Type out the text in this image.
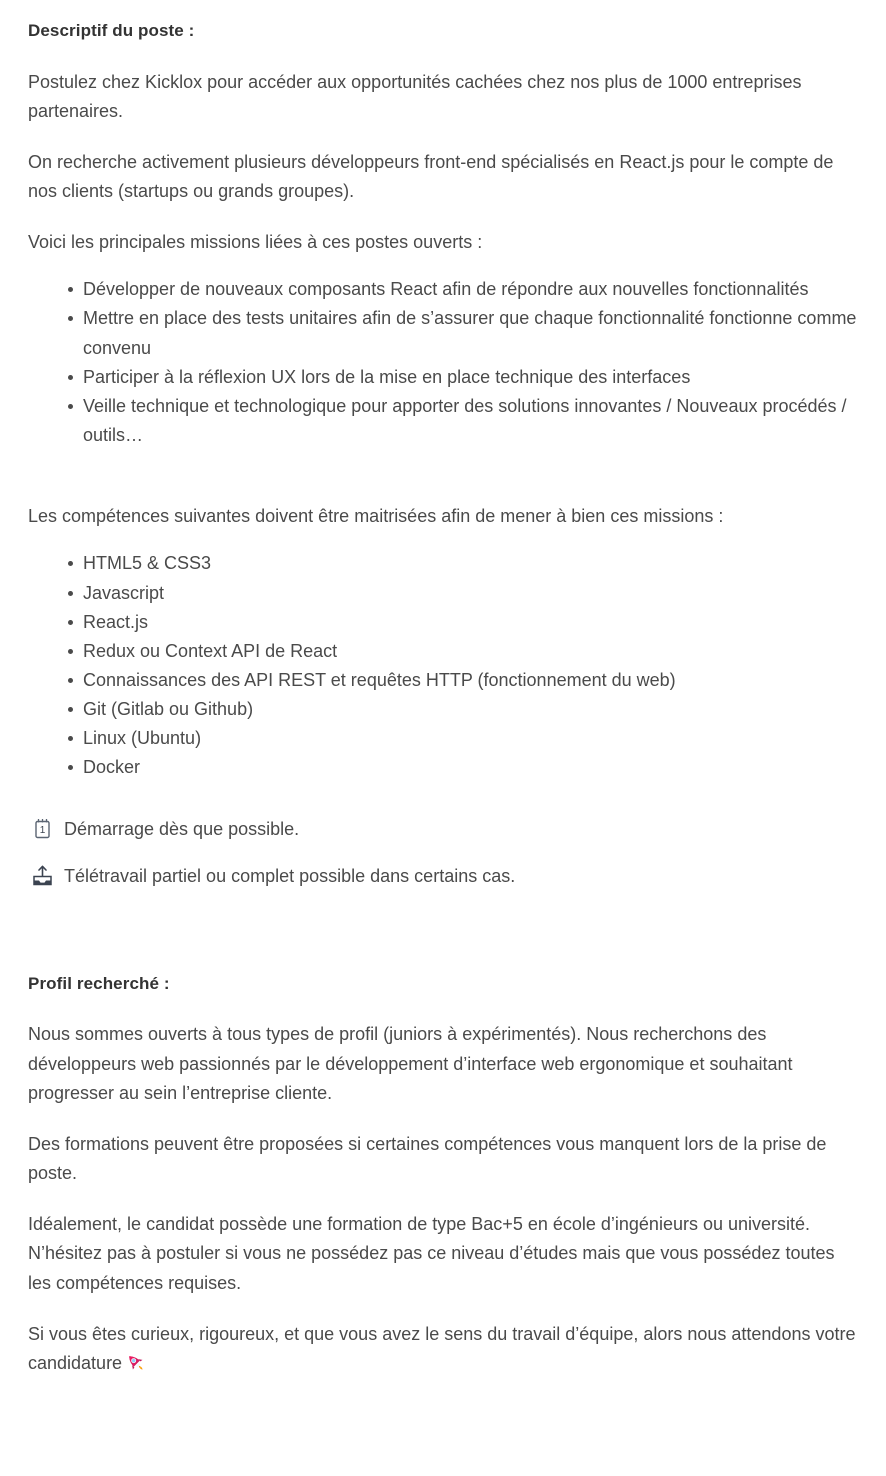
Descriptif du poste :

Postulez chez Kicklox pour accéder aux opportunités cachées chez nos plus de 1000 entreprises partenaires.

On recherche activement plusieurs développeurs front-end spécialisés en React.js pour le compte de nos clients (startups ou grands groupes).

Voici les principales missions liées à ces postes ouverts :

Développer de nouveaux composants React afin de répondre aux nouvelles fonctionnalités
Mettre en place des tests unitaires afin de s’assurer que chaque fonctionnalité fonctionne comme convenu
Participer à la réflexion UX lors de la mise en place technique des interfaces
Veille technique et technologique pour apporter des solutions innovantes / Nouveaux procédés / outils…

Les compétences suivantes doivent être maitrisées afin de mener à bien ces missions :

HTML5 & CSS3
Javascript
React.js
Redux ou Context API de React
Connaissances des API REST et requêtes HTTP (fonctionnement du web)
Git (Gitlab ou Github)
Linux (Ubuntu)
Docker
1 Démarrage dès que possible.
Télétravail partiel ou complet possible dans certains cas.
Profil recherché :

Nous sommes ouverts à tous types de profil (juniors à expérimentés). Nous recherchons des développeurs web passionnés par le développement d’interface web ergonomique et souhaitant progresser au sein l’entreprise cliente.

Des formations peuvent être proposées si certaines compétences vous manquent lors de la prise de poste.

Idéalement, le candidat possède une formation de type Bac+5 en école d’ingénieurs ou université. N’hésitez pas à postuler si vous ne possédez pas ce niveau d’études mais que vous possédez toutes les compétences requises.

Si vous êtes curieux, rigoureux, et que vous avez le sens du travail d’équipe, alors nous attendons votre candidature
